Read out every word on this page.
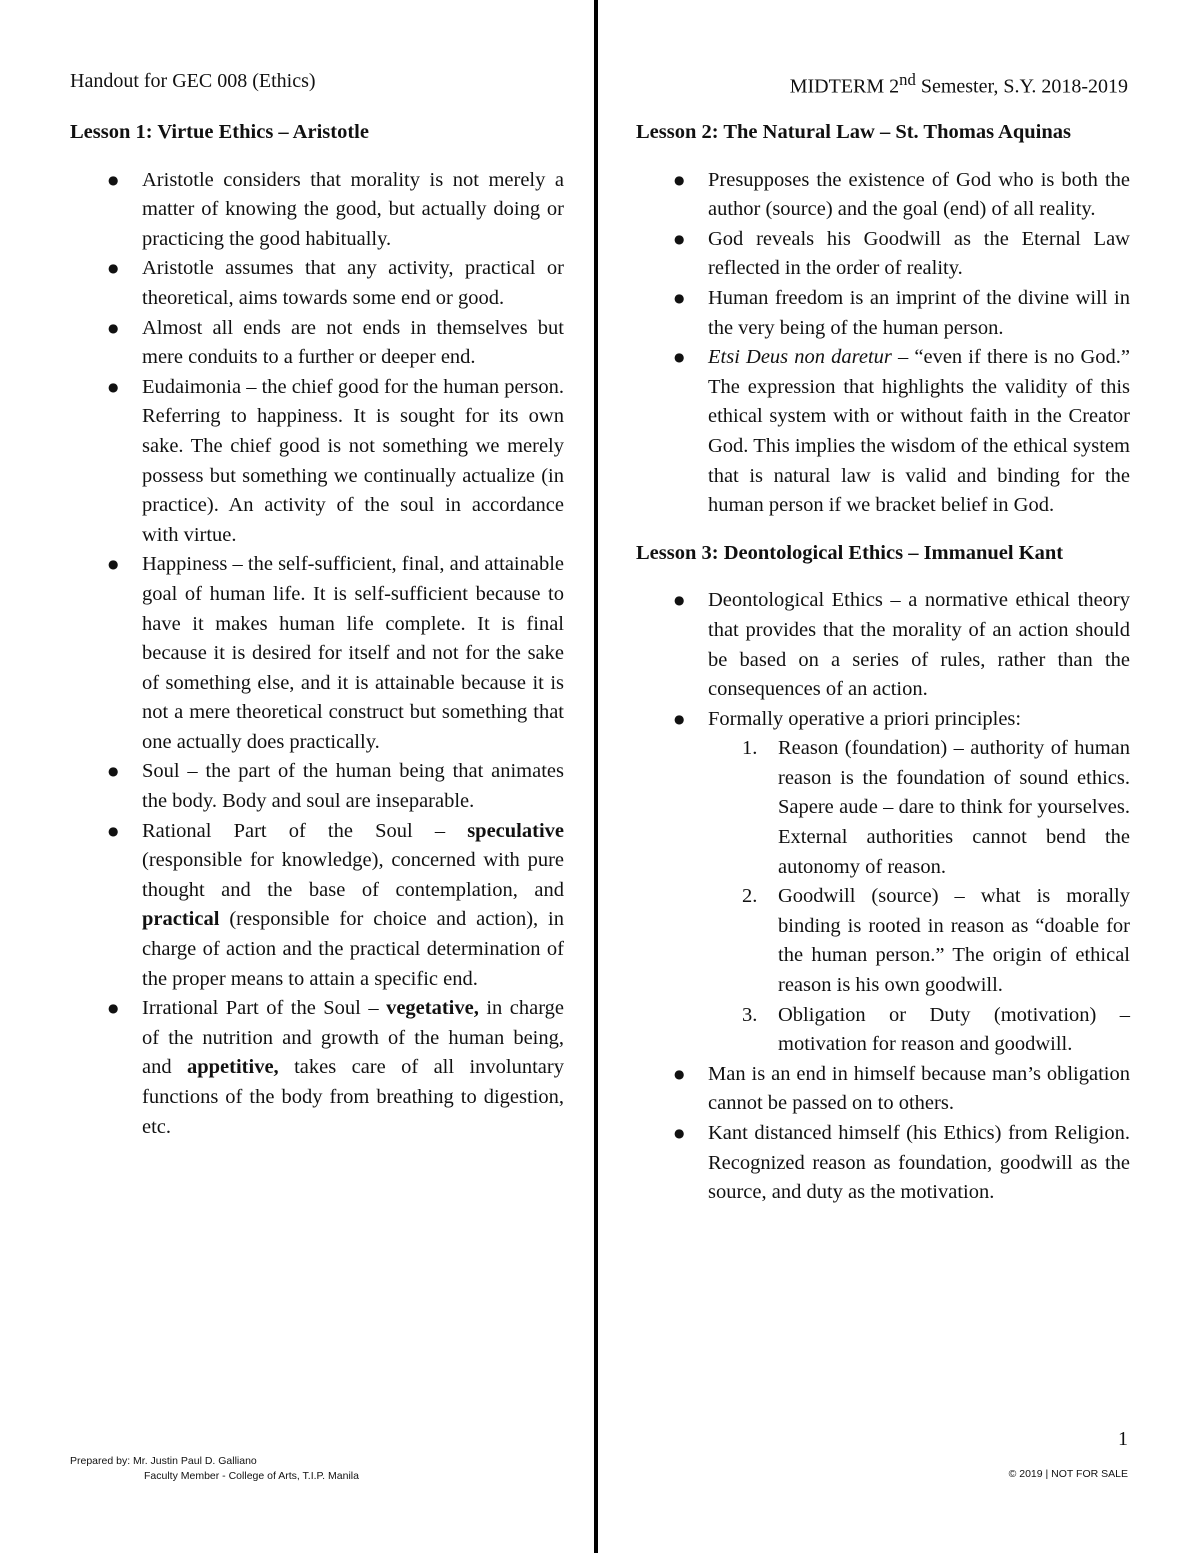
Handout for GEC 008 (Ethics)	MIDTERM 2nd Semester, S.Y. 2018-2019
Lesson 1: Virtue Ethics – Aristotle
● Aristotle considers that morality is not merely a matter of knowing the good, but actually doing or practicing the good habitually.
● Aristotle assumes that any activity, practical or theoretical, aims towards some end or good.
● Almost all ends are not ends in themselves but mere conduits to a further or deeper end.
● Eudaimonia – the chief good for the human person. Referring to happiness. It is sought for its own sake. The chief good is not something we merely possess but something we continually actualize (in practice). An activity of the soul in accordance with virtue.
● Happiness – the self-sufficient, final, and attainable goal of human life. It is self-sufficient because to have it makes human life complete. It is final because it is desired for itself and not for the sake of something else, and it is attainable because it is not a mere theoretical construct but something that one actually does practically.
● Soul – the part of the human being that animates the body. Body and soul are inseparable.
● Rational Part of the Soul – speculative (responsible for knowledge), concerned with pure thought and the base of contemplation, and practical (responsible for choice and action), in charge of action and the practical determination of the proper means to attain a specific end.
● Irrational Part of the Soul – vegetative, in charge of the nutrition and growth of the human being, and appetitive, takes care of all involuntary functions of the body from breathing to digestion, etc.
Lesson 2: The Natural Law – St. Thomas Aquinas
● Presupposes the existence of God who is both the author (source) and the goal (end) of all reality.
● God reveals his Goodwill as the Eternal Law reflected in the order of reality.
● Human freedom is an imprint of the divine will in the very being of the human person.
● Etsi Deus non daretur – “even if there is no God.” The expression that highlights the validity of this ethical system with or without faith in the Creator God. This implies the wisdom of the ethical system that is natural law is valid and binding for the human person if we bracket belief in God.
Lesson 3: Deontological Ethics – Immanuel Kant
● Deontological Ethics – a normative ethical theory that provides that the morality of an action should be based on a series of rules, rather than the consequences of an action.
● Formally operative a priori principles:
1. Reason (foundation) – authority of human reason is the foundation of sound ethics. Sapere aude – dare to think for yourselves. External authorities cannot bend the autonomy of reason.
2. Goodwill (source) – what is morally binding is rooted in reason as “doable for the human person.” The origin of ethical reason is his own goodwill.
3. Obligation or Duty (motivation) – motivation for reason and goodwill.
● Man is an end in himself because man’s obligation cannot be passed on to others.
● Kant distanced himself (his Ethics) from Religion. Recognized reason as foundation, goodwill as the source, and duty as the motivation.
Prepared by: Mr. Justin Paul D. Galliano
Faculty Member - College of Arts, T.I.P. Manila
1
© 2019 | NOT FOR SALE
